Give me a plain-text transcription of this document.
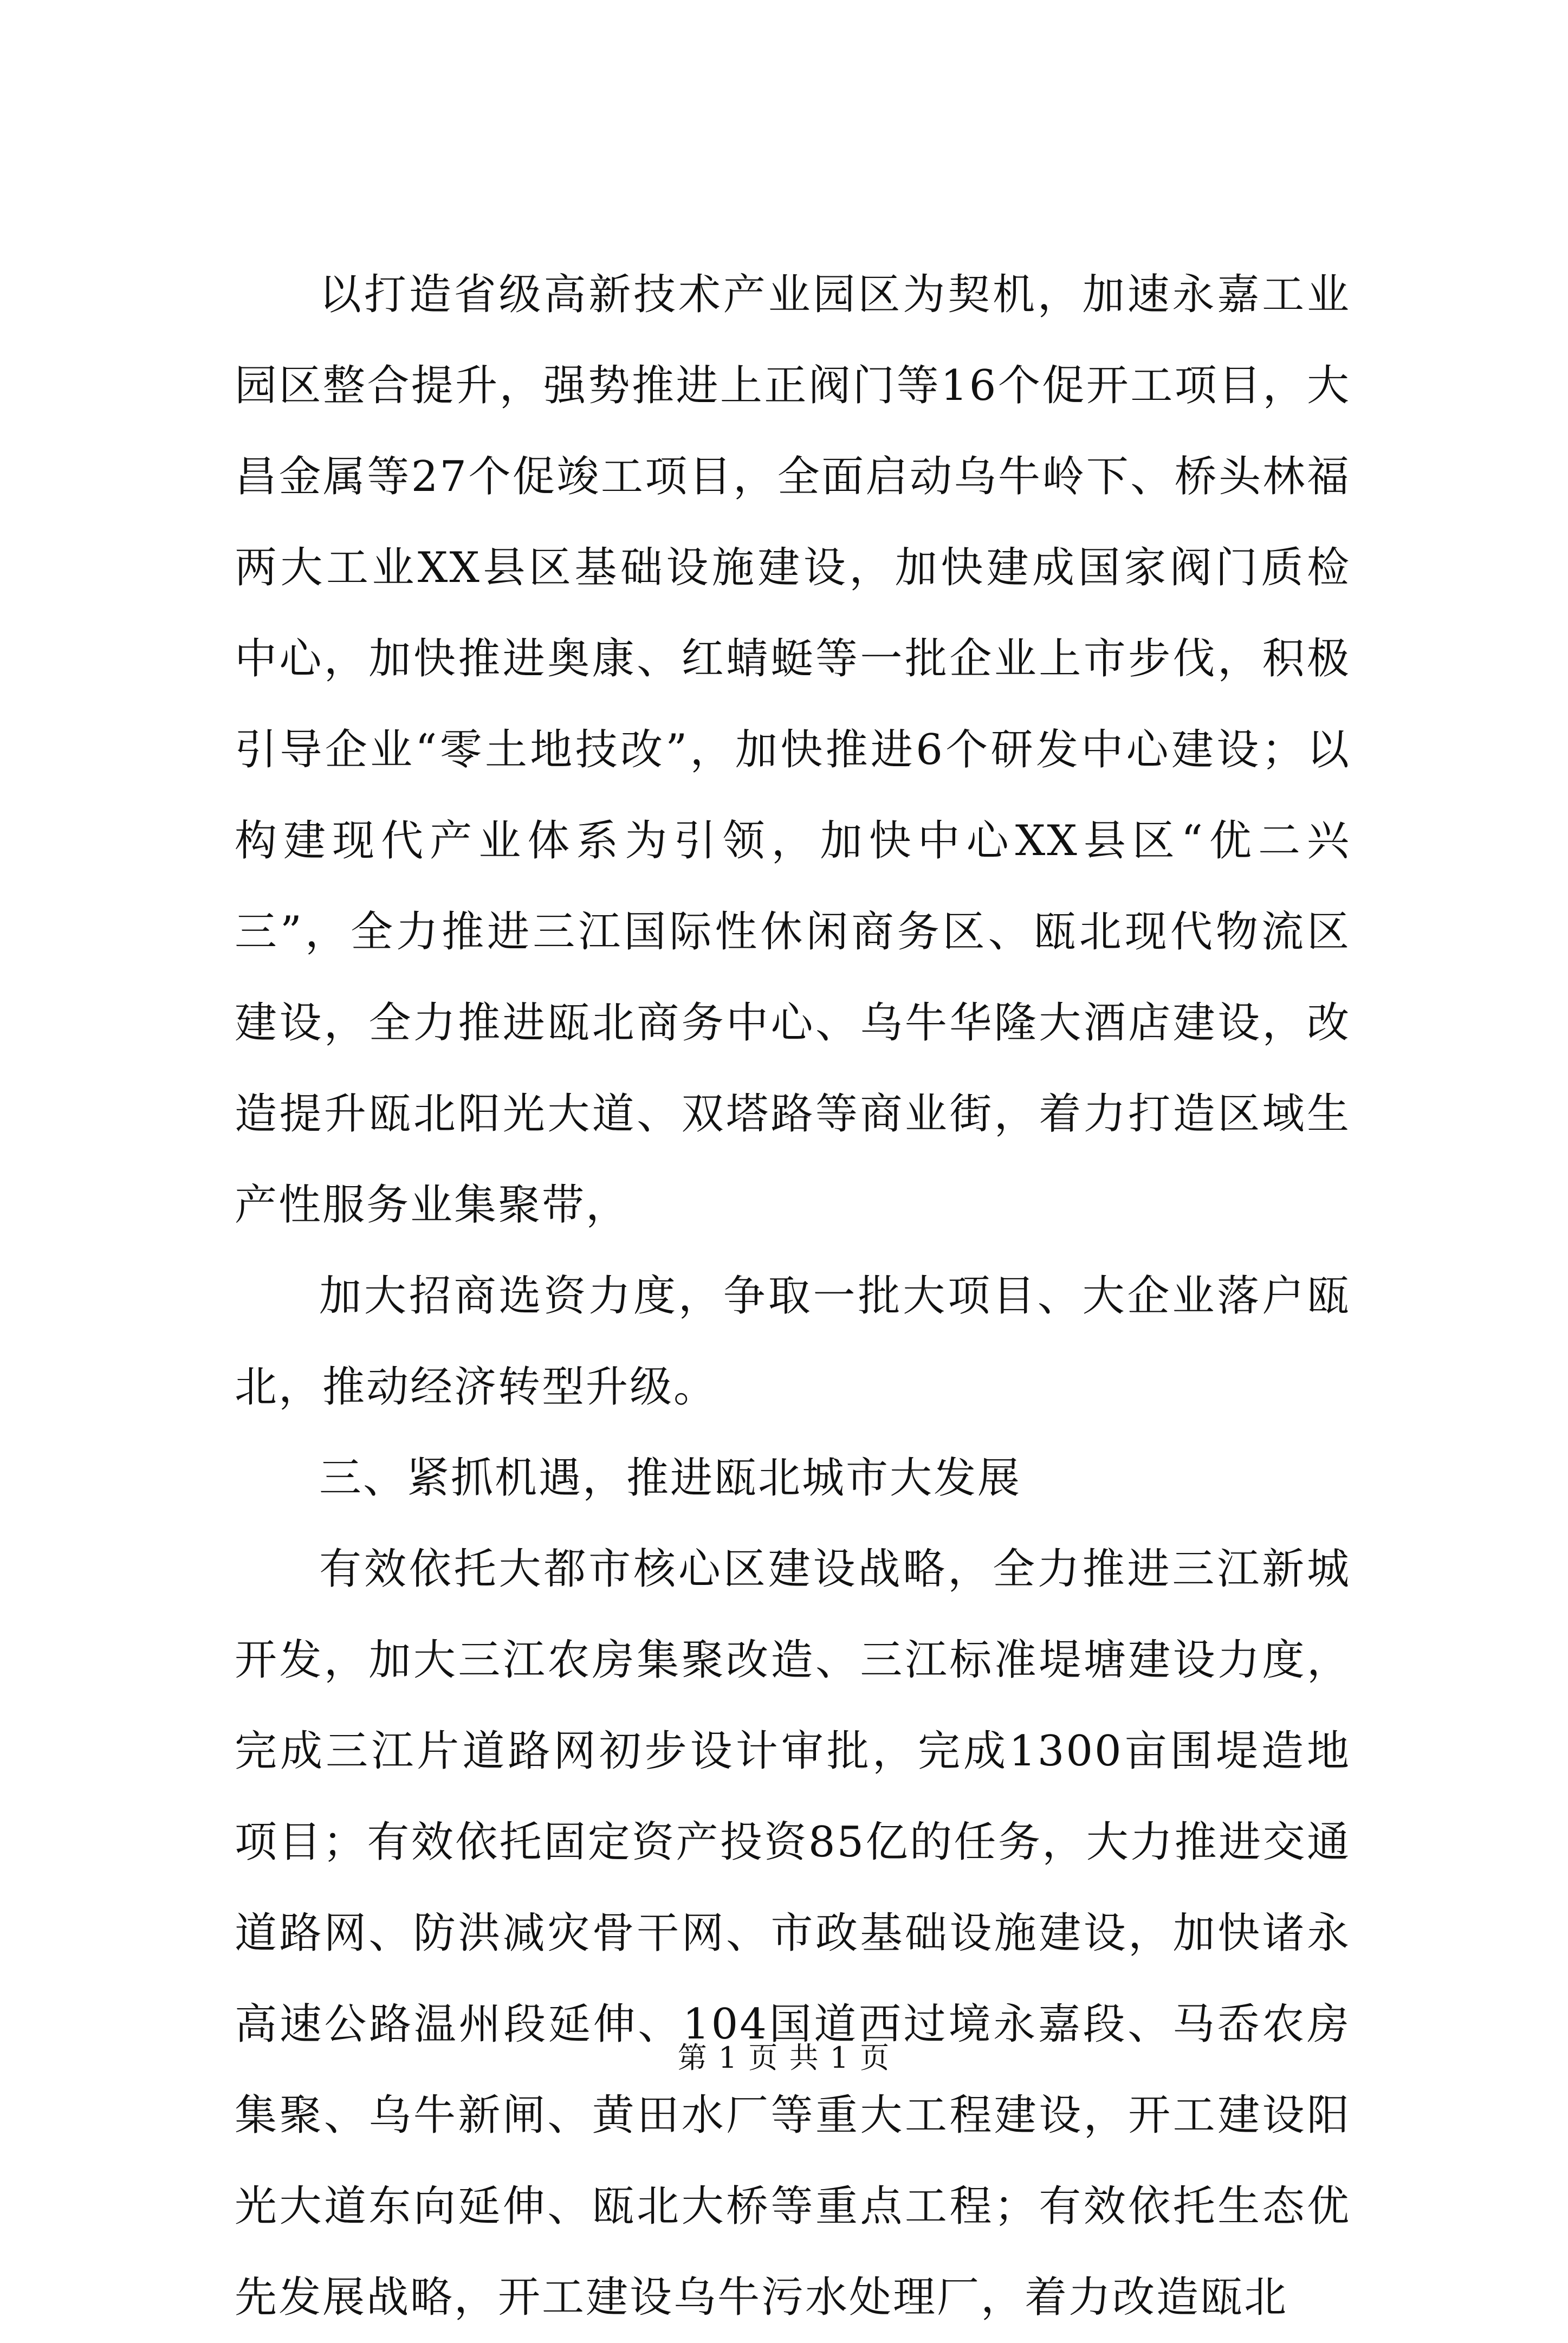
以打造省级高新技术产业园区为契机，加速永嘉工业园区整合提升，强势推进上正阀门等16个促开工项目，大昌金属等27个促竣工项目，全面启动乌牛岭下、桥头林福两大工业XX县区基础设施建设，加快建成国家阀门质检中心，加快推进奥康、红蜻蜓等一批企业上市步伐，积极引导企业“零土地技改”，加快推进6个研发中心建设；以构建现代产业体系为引领，加快中心XX县区“优二兴三”，全力推进三江国际性休闲商务区、瓯北现代物流区建设，全力推进瓯北商务中心、乌牛华隆大酒店建设，改造提升瓯北阳光大道、双塔路等商业街，着力打造区域生产性服务业集聚带，

加大招商选资力度，争取一批大项目、大企业落户瓯北，推动经济转型升级。

三、紧抓机遇，推进瓯北城市大发展

有效依托大都市核心区建设战略，全力推进三江新城开发，加大三江农房集聚改造、三江标准堤塘建设力度，完成三江片道路网初步设计审批，完成1300亩围堤造地项目；有效依托固定资产投资85亿的任务，大力推进交通道路网、防洪减灾骨干网、市政基础设施建设，加快诸永高速公路温州段延伸、104国道西过境永嘉段、马岙农房集聚、乌牛新闸、黄田水厂等重大工程建设，开工建设阳光大道东向延伸、瓯北大桥等重点工程；有效依托生态优先发展战略，开工建设乌牛污水处理厂，着力改造瓯北

第 1 页 共 1 页
